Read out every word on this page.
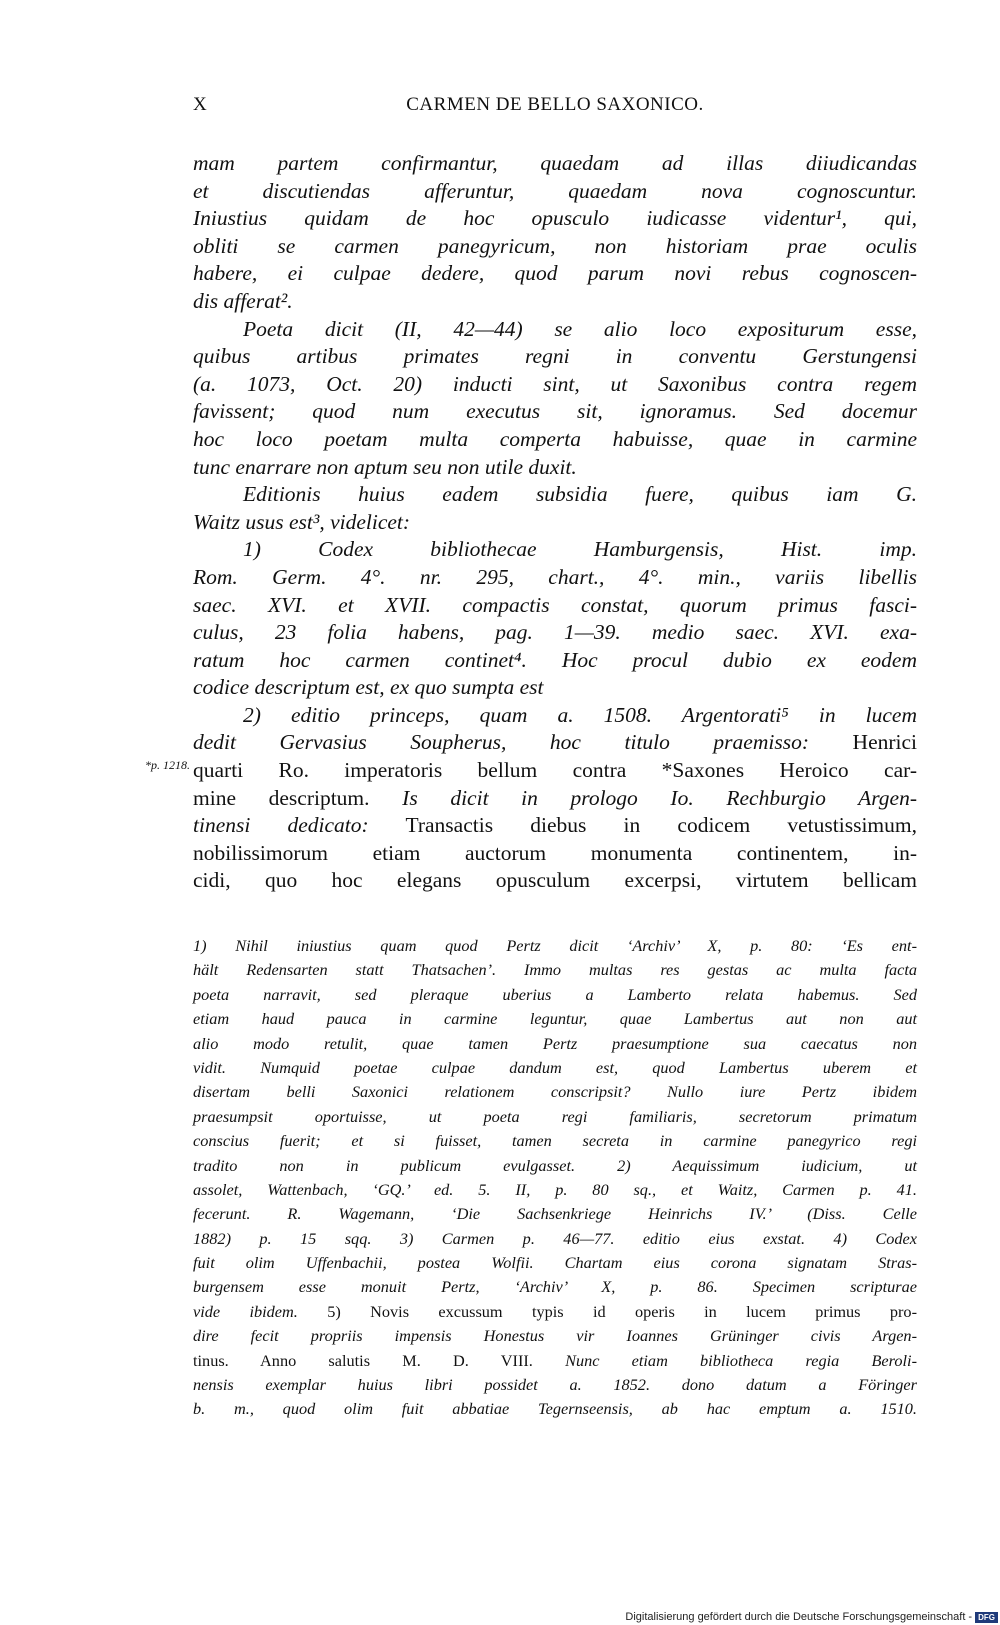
X	CARMEN DE BELLO SAXONICO.
*p. 1218.
mam partem confirmantur, quaedam ad illas diiudicandas
et discutiendas afferuntur, quaedam nova cognoscuntur.
Iniustius quidam de hoc opusculo iudicasse videntur¹, qui,
obliti se carmen panegyricum, non historiam prae oculis
habere, ei culpae dedere, quod parum novi rebus cognoscen-
dis afferat².
Poeta dicit (II, 42—44) se alio loco expositurum esse,
quibus artibus primates regni in conventu Gerstungensi
(a. 1073, Oct. 20) inducti sint, ut Saxonibus contra regem
favissent; quod num executus sit, ignoramus. Sed docemur
hoc loco poetam multa comperta habuisse, quae in carmine
tunc enarrare non aptum seu non utile duxit.
Editionis huius eadem subsidia fuere, quibus iam G.
Waitz usus est³, videlicet:
1) Codex bibliothecae Hamburgensis, Hist. imp.
Rom. Germ. 4°. nr. 295, chart., 4°. min., variis libellis
saec. XVI. et XVII. compactis constat, quorum primus fasci-
culus, 23 folia habens, pag. 1—39. medio saec. XVI. exa-
ratum hoc carmen continet⁴. Hoc procul dubio ex eodem
codice descriptum est, ex quo sumpta est
2) editio princeps, quam a. 1508. Argentorati⁵ in lucem
dedit Gervasius Soupherus, hoc titulo praemisso: Henrici
quarti Ro. imperatoris bellum contra *Saxones Heroico car-
mine descriptum. Is dicit in prologo Io. Rechburgio Argen-
tinensi dedicato: Transactis diebus in codicem vetustissimum,
nobilissimorum etiam auctorum monumenta continentem, in-
cidi, quo hoc elegans opusculum excerpsi, virtutem bellicam
1) Nihil iniustius quam quod Pertz dicit ‘Archiv’ X, p. 80: ‘Es ent-
hält Redensarten statt Thatsachen’. Immo multas res gestas ac multa facta
poeta narravit, sed pleraque uberius a Lamberto relata habemus. Sed
etiam haud pauca in carmine leguntur, quae Lambertus aut non aut
alio modo retulit, quae tamen Pertz praesumptione sua caecatus non
vidit. Numquid poetae culpae dandum est, quod Lambertus uberem et
disertam belli Saxonici relationem conscripsit? Nullo iure Pertz ibidem
praesumpsit oportuisse, ut poeta regi familiaris, secretorum primatum
conscius fuerit; et si fuisset, tamen secreta in carmine panegyrico regi
tradito non in publicum evulgasset. 2) Aequissimum iudicium, ut
assolet, Wattenbach, ‘GQ.’ ed. 5. II, p. 80 sq., et Waitz, Carmen p. 41.
fecerunt. R. Wagemann, ‘Die Sachsenkriege Heinrichs IV.’ (Diss. Celle
1882) p. 15 sqq. 3) Carmen p. 46—77. editio eius exstat. 4) Codex
fuit olim Uffenbachii, postea Wolfii. Chartam eius corona signatam Stras-
burgensem esse monuit Pertz, ‘Archiv’ X, p. 86. Specimen scripturae
vide ibidem. 5) Novis excussum typis id operis in lucem primus pro-
dire fecit propriis impensis Honestus vir Ioannes Grüninger civis Argen-
tinus. Anno salutis M. D. VIII. Nunc etiam bibliotheca regia Beroli-
nensis exemplar huius libri possidet a. 1852. dono datum a Föringer
b. m., quod olim fuit abbatiae Tegernseensis, ab hac emptum a. 1510.
Digitalisierung gefördert durch die Deutsche Forschungsgemeinschaft - DFG
